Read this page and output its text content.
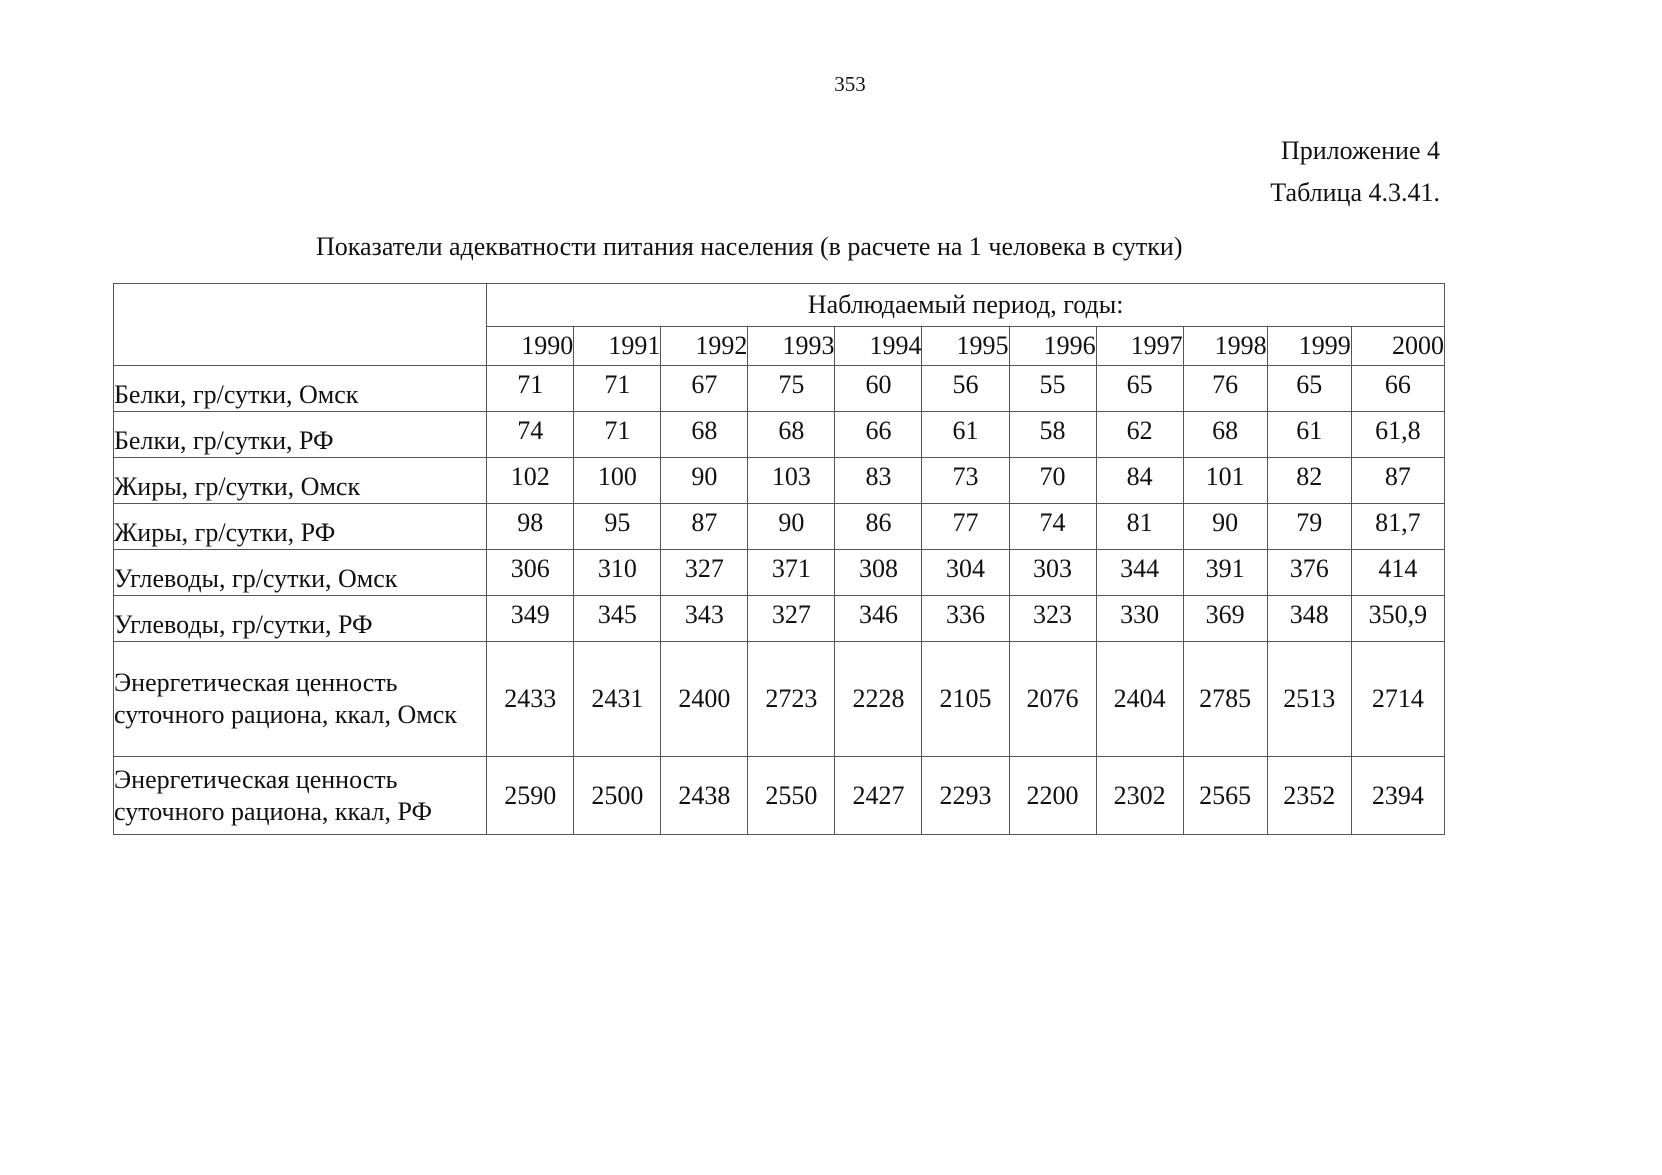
353
Приложение 4
Таблица 4.3.41.
Показатели адекватности питания населения (в расчете на 1 человека в сутки)
	Наблюдаемый период, годы:										
	1990	1991	1992	1993	1994	1995	1996	1997	1998	1999	2000
Белки, гр/сутки, Омск	71	71	67	75	60	56	55	65	76	65	66
Белки, гр/сутки, РФ	74	71	68	68	66	61	58	62	68	61	61,8
Жиры, гр/сутки, Омск	102	100	90	103	83	73	70	84	101	82	87
Жиры, гр/сутки, РФ	98	95	87	90	86	77	74	81	90	79	81,7
Углеводы, гр/сутки, Омск	306	310	327	371	308	304	303	344	391	376	414
Углеводы, гр/сутки, РФ	349	345	343	327	346	336	323	330	369	348	350,9
Энергетическая ценность суточного рациона, ккал, Омск	2433	2431	2400	2723	2228	2105	2076	2404	2785	2513	2714
Энергетическая ценность суточного рациона, ккал, РФ	2590	2500	2438	2550	2427	2293	2200	2302	2565	2352	2394
